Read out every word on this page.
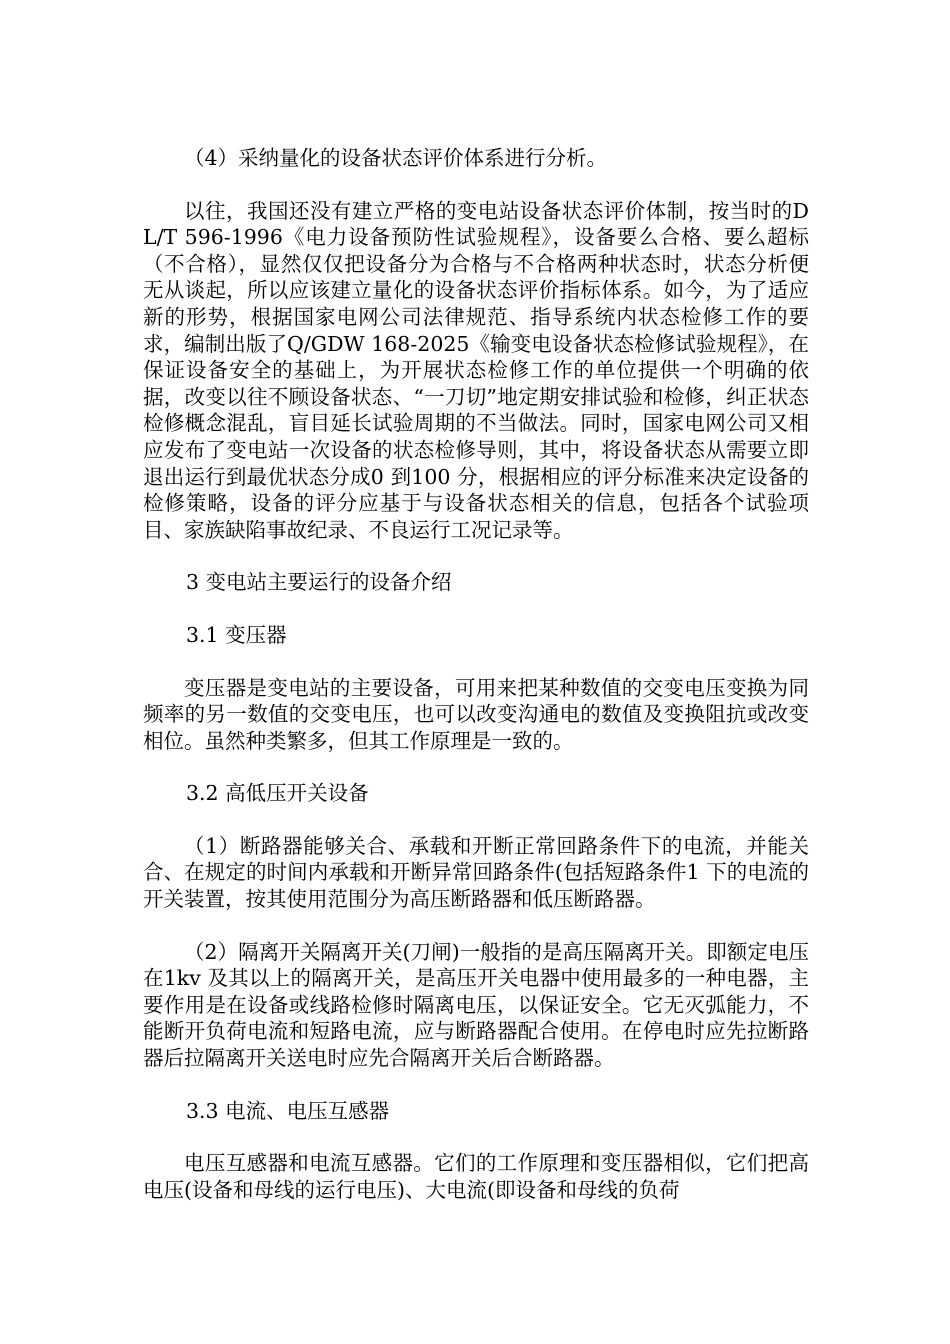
（4）采纳量化的设备状态评价体系进行分析。

以往，我国还没有建立严格的变电站设备状态评价体制，按当时的DL/T 596-1996《电力设备预防性试验规程》，设备要么合格、要么超标（不合格），显然仅仅把设备分为合格与不合格两种状态时，状态分析便无从谈起，所以应该建立量化的设备状态评价指标体系。如今，为了适应新的形势，根据国家电网公司法律规范、指导系统内状态检修工作的要求，编制出版了Q/GDW 168-2025《输变电设备状态检修试验规程》，在保证设备安全的基础上，为开展状态检修工作的单位提供一个明确的依据，改变以往不顾设备状态、“一刀切”地定期安排试验和检修，纠正状态检修概念混乱，盲目延长试验周期的不当做法。同时，国家电网公司又相应发布了变电站一次设备的状态检修导则，其中，将设备状态从需要立即退出运行到最优状态分成0 到100 分，根据相应的评分标准来决定设备的检修策略，设备的评分应基于与设备状态相关的信息，包括各个试验项目、家族缺陷事故纪录、不良运行工况记录等。

3 变电站主要运行的设备介绍

3.1 变压器

变压器是变电站的主要设备，可用来把某种数值的交变电压变换为同频率的另一数值的交变电压，也可以改变沟通电的数值及变换阻抗或改变相位。虽然种类繁多，但其工作原理是一致的。

3.2 高低压开关设备

（1）断路器能够关合、承载和开断正常回路条件下的电流，并能关合、在规定的时间内承载和开断异常回路条件(包括短路条件1 下的电流的开关装置，按其使用范围分为高压断路器和低压断路器。

（2）隔离开关隔离开关(刀闸)一般指的是高压隔离开关。即额定电压在1kv 及其以上的隔离开关，是高压开关电器中使用最多的一种电器，主要作用是在设备或线路检修时隔离电压，以保证安全。它无灭弧能力，不能断开负荷电流和短路电流，应与断路器配合使用。在停电时应先拉断路器后拉隔离开关送电时应先合隔离开关后合断路器。

3.3 电流、电压互感器

电压互感器和电流互感器。它们的工作原理和变压器相似，它们把高电压(设备和母线的运行电压)、大电流(即设备和母线的负荷
